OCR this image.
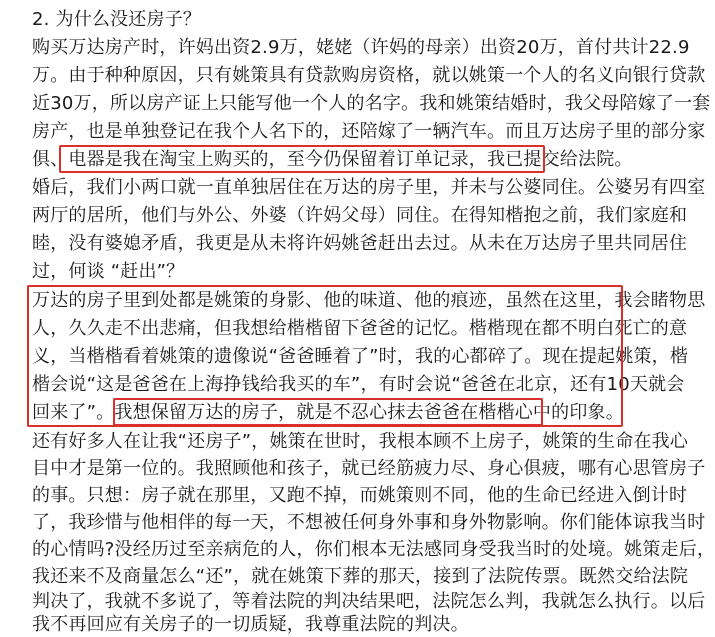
2. 为什么没还房子？
购买万达房产时，许妈出资2.9万，姥姥（许妈的母亲）出资20万，首付共计22.9
万。由于种种原因，只有姚策具有贷款购房资格，就以姚策一个人的名义向银行贷款
近30万，所以房产证上只能写他一个人的名字。我和姚策结婚时，我父母陪嫁了一套
房产，也是单独登记在我个人名下的，还陪嫁了一辆汽车。而且万达房子里的部分家
俱、电器是我在淘宝上购买的，至今仍保留着订单记录，我已提交给法院。
婚后，我们小两口就一直单独居住在万达的房子里，并未与公婆同住。公婆另有四室
两厅的居所，他们与外公、外婆（许妈父母）同住。在得知楷抱之前，我们家庭和
睦，没有婆媳矛盾，我更是从未将许妈姚爸赶出去过。从未在万达房子里共同居住
过，何谈 “赶出”？
万达的房子里到处都是姚策的身影、他的味道、他的痕迹，虽然在这里，我会睹物思
人，久久走不出悲痛，但我想给楷楷留下爸爸的记忆。楷楷现在都不明白死亡的意
义，当楷楷看着姚策的遗像说“爸爸睡着了”时，我的心都碎了。现在提起姚策，楷
楷会说“这是爸爸在上海挣钱给我买的车”，有时会说“爸爸在北京，还有10天就会
回来了”。我想保留万达的房子，就是不忍心抹去爸爸在楷楷心中的印象。
还有好多人在让我“还房子”，姚策在世时，我根本顾不上房子，姚策的生命在我心
目中才是第一位的。我照顾他和孩子，就已经筋疲力尽、身心俱疲，哪有心思管房子
的事。只想：房子就在那里，又跑不掉，而姚策则不同，他的生命已经进入倒计时
了，我珍惜与他相伴的每一天，不想被任何身外事和身外物影响。你们能体谅我当时
的心情吗?没经历过至亲病危的人，你们根本无法感同身受我当时的处境。姚策走后，
我还来不及商量怎么“还”，就在姚策下葬的那天，接到了法院传票。既然交给法院
判决了，我就不多说了，等着法院的判决结果吧，法院怎么判，我就怎么执行。以后
我不再回应有关房子的一切质疑，我尊重法院的判决。
